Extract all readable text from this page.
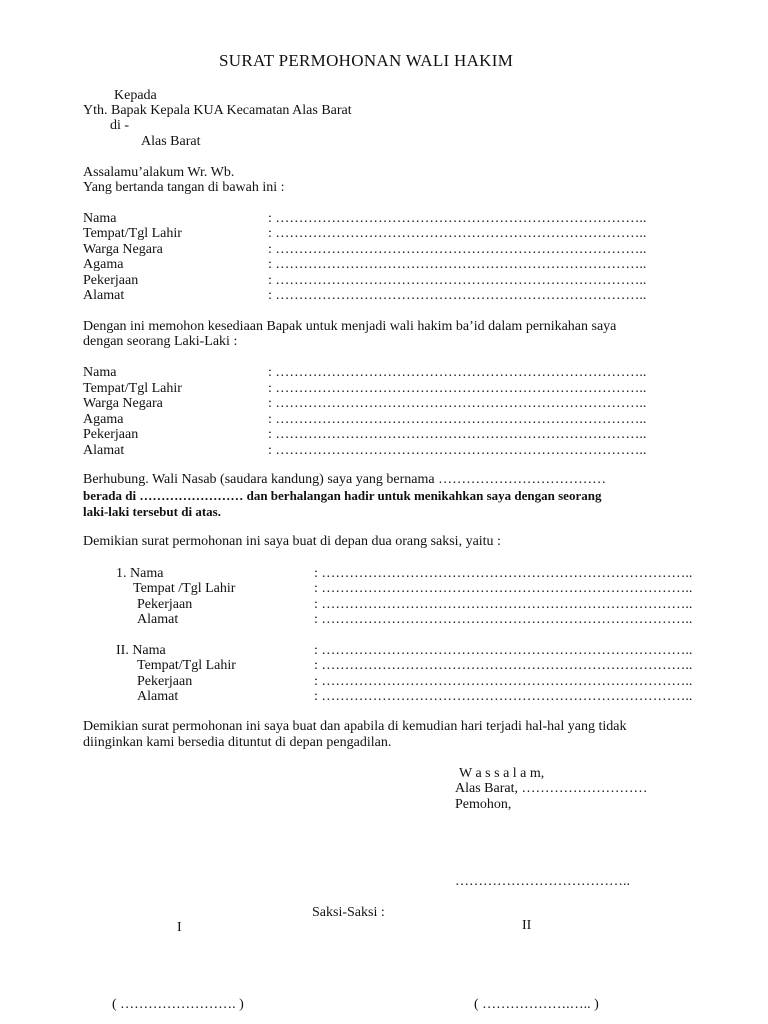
SURAT PERMOHONAN WALI HAKIM
Kepada
Yth. Bapak Kepala KUA Kecamatan Alas Barat
di -
Alas Barat
Assalamu’alakum Wr. Wb.
Yang bertanda tangan di bawah ini :
Nama	: ……………………………………………………………………..
Tempat/Tgl Lahir	: ……………………………………………………………………..
Warga Negara	: ……………………………………………………………………..
Agama	: ……………………………………………………………………..
Pekerjaan	: ……………………………………………………………………..
Alamat	: ……………………………………………………………………..
Dengan ini memohon kesediaan Bapak untuk menjadi wali hakim ba’id dalam pernikahan saya
dengan seorang Laki-Laki :
Nama	: ……………………………………………………………………..
Tempat/Tgl Lahir	: ……………………………………………………………………..
Warga Negara	: ……………………………………………………………………..
Agama	: ……………………………………………………………………..
Pekerjaan	: ……………………………………………………………………..
Alamat	: ……………………………………………………………………..
Berhubung. Wali Nasab (saudara kandung) saya yang bernama ………………………………
berada di …………………… dan berhalangan hadir untuk menikahkan saya dengan seorang
laki-laki tersebut di atas.
Demikian surat permohonan ini saya buat di depan dua orang saksi, yaitu :
1. Nama	: ……………………………………………………………………..
Tempat /Tgl Lahir	: ……………………………………………………………………..
Pekerjaan	: ……………………………………………………………………..
Alamat	: ……………………………………………………………………..
II. Nama	: ……………………………………………………………………..
Tempat/Tgl Lahir	: ……………………………………………………………………..
Pekerjaan	: ……………………………………………………………………..
Alamat	: ……………………………………………………………………..
Demikian surat permohonan ini saya buat dan apabila di kemudian hari terjadi hal-hal yang tidak
diinginkan kami bersedia dituntut di depan pengadilan.
W a s s a l a m,
Alas Barat, ………………………
Pemohon,
………………………………..
Saksi-Saksi :
I	II
( ……………………. )	( ……………….….. )
